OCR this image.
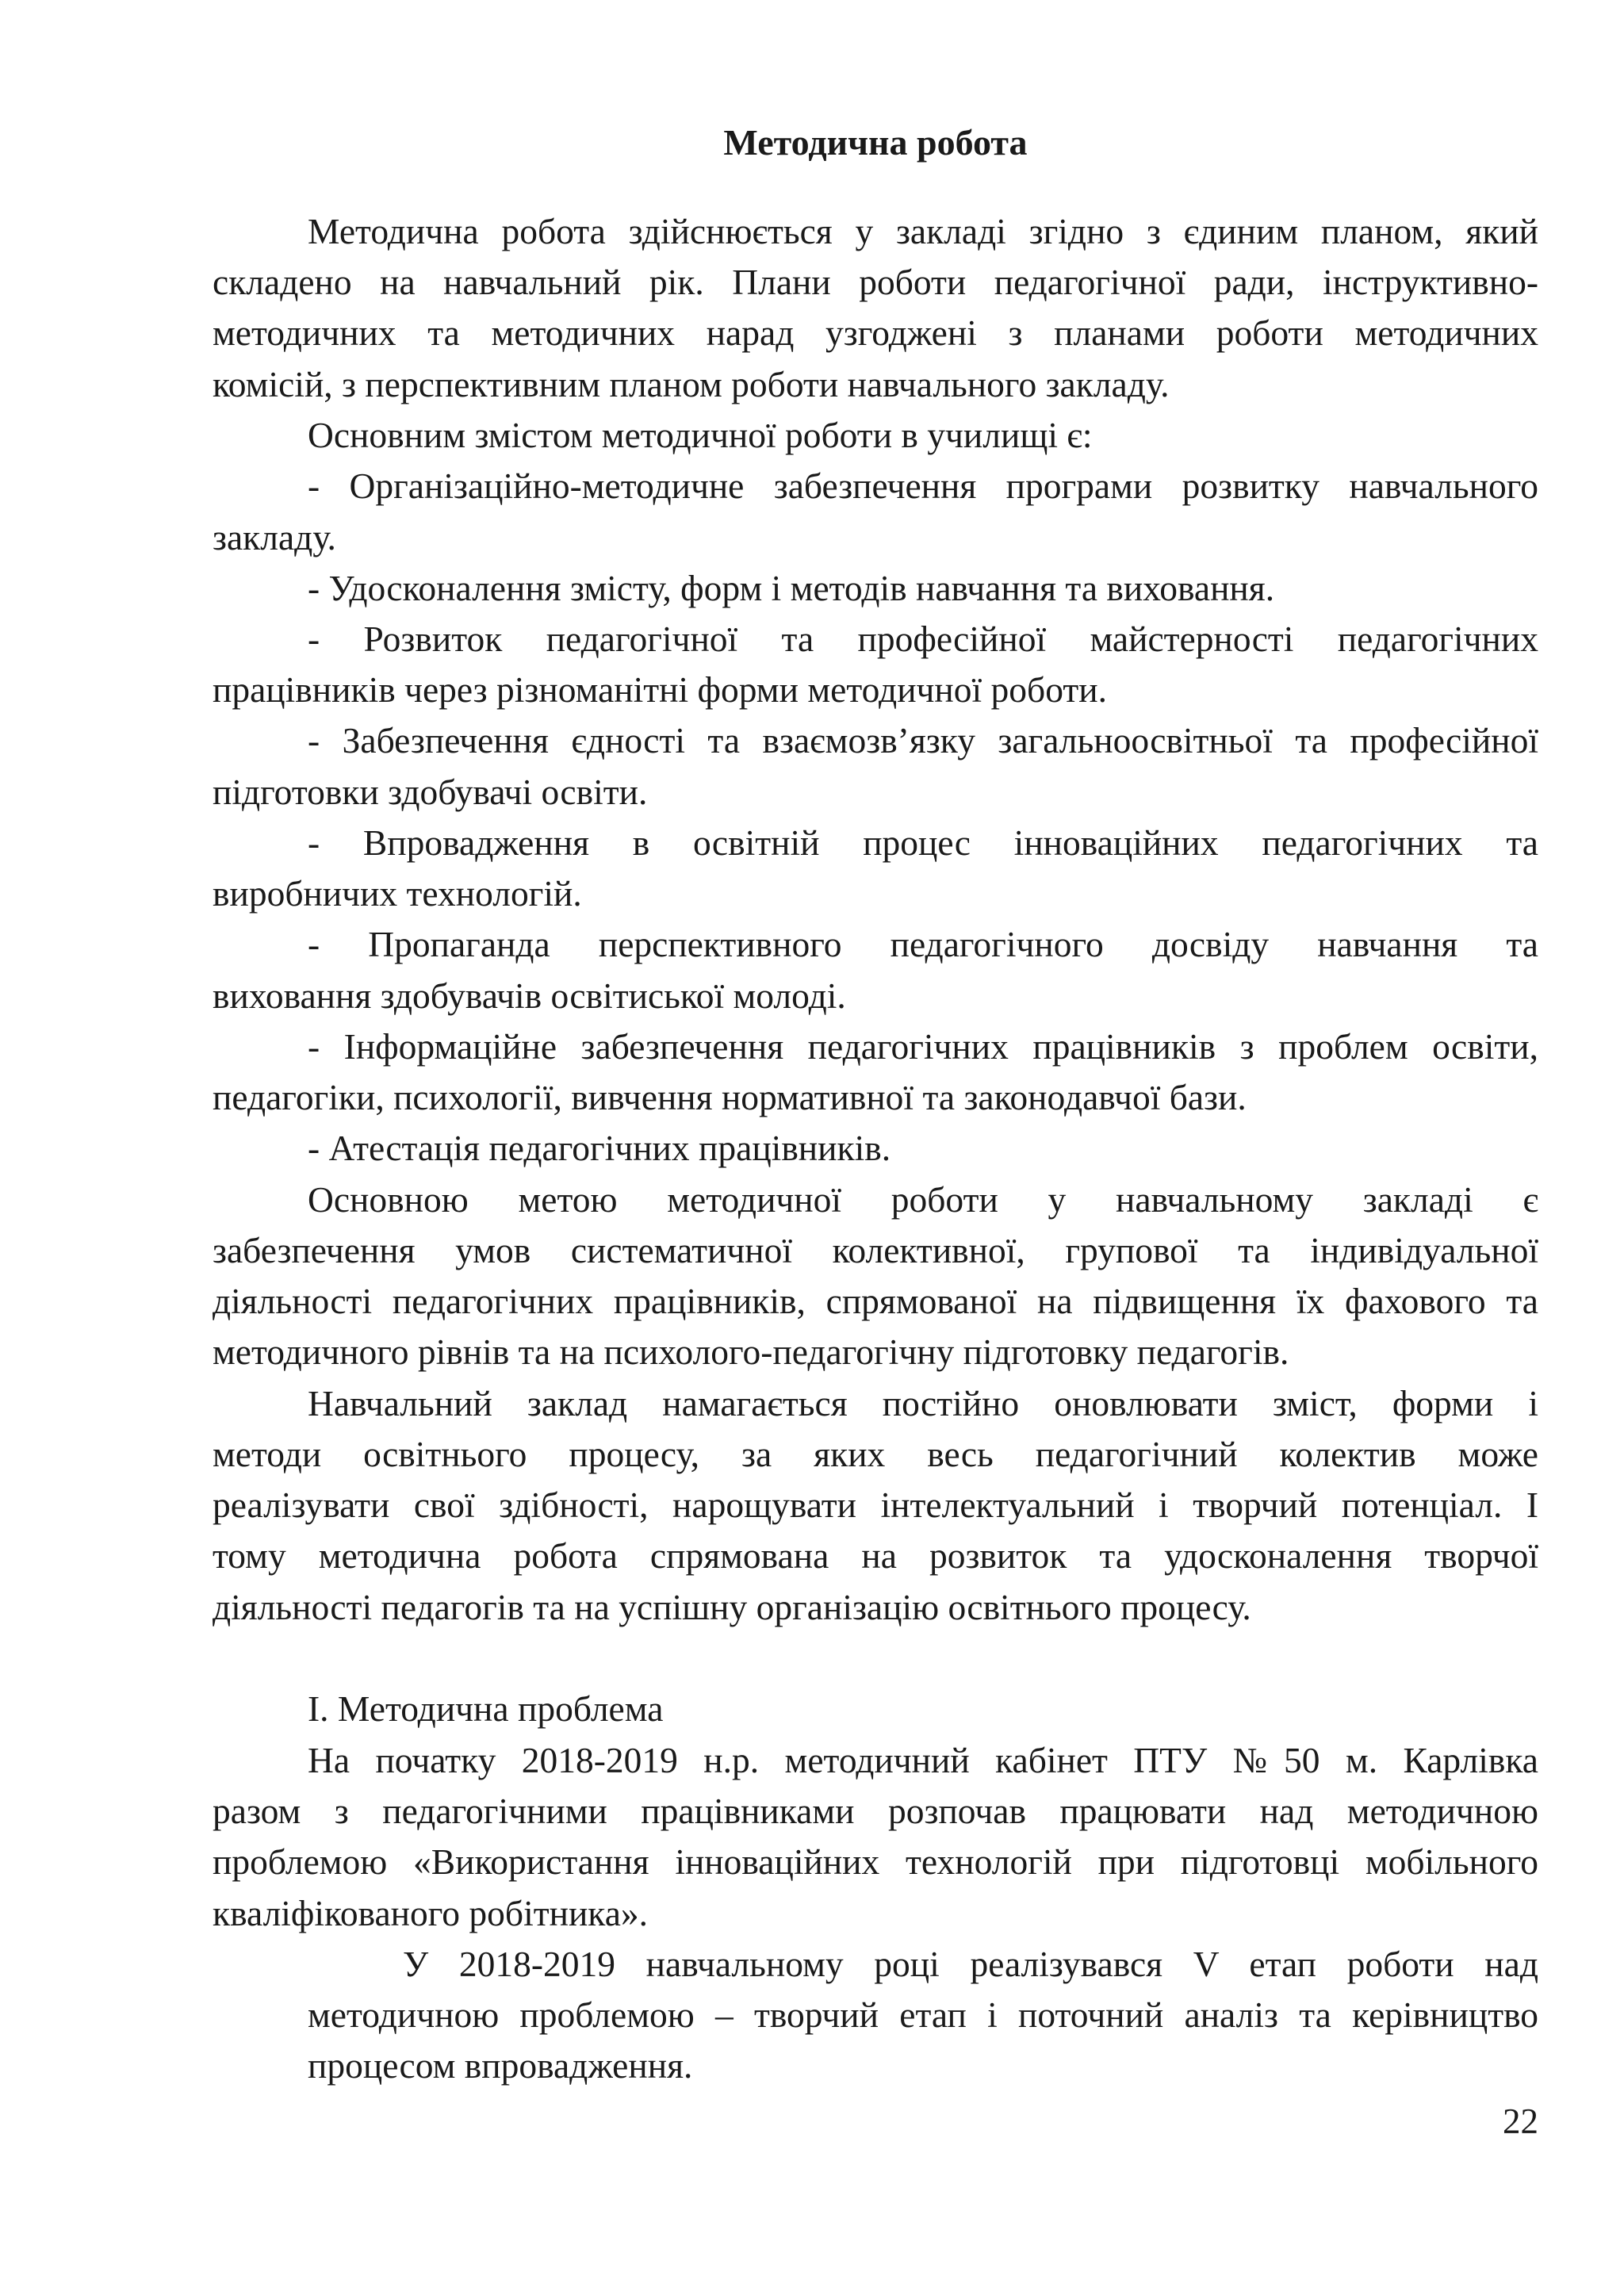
Методична робота
Методична робота здійснюється у закладі згідно з єдиним планом, який
складено на навчальний рік. Плани роботи педагогічної ради, інструктивно-
методичних та методичних нарад узгоджені з планами роботи методичних
комісій, з перспективним планом роботи навчального закладу.
Основним змістом методичної роботи в училищі є:
- Організаційно-методичне забезпечення програми розвитку навчального
закладу.
- Удосконалення змісту, форм і методів навчання та виховання.
- Розвиток педагогічної та професійної майстерності педагогічних
працівників через різноманітні форми методичної роботи.
- Забезпечення єдності та взаємозв’язку загальноосвітньої та професійної
підготовки здобувачі освіти.
- Впровадження в освітній процес інноваційних педагогічних та
виробничих технологій.
- Пропаганда перспективного педагогічного досвіду навчання та
виховання здобувачів освітиської молоді.
- Інформаційне забезпечення педагогічних працівників з проблем освіти,
педагогіки, психології, вивчення нормативної та законодавчої бази.
- Атестація педагогічних працівників.
Основною метою методичної роботи у навчальному закладі є
забезпечення умов систематичної колективної, групової та індивідуальної
діяльності педагогічних працівників, спрямованої на підвищення їх фахового та
методичного рівнів та на психолого-педагогічну підготовку педагогів.
Навчальний заклад намагається постійно оновлювати зміст, форми і
методи освітнього процесу, за яких весь педагогічний колектив може
реалізувати свої здібності, нарощувати інтелектуальний і творчий потенціал. І
тому методична робота спрямована на розвиток та удосконалення творчої
діяльності педагогів та на успішну організацію освітнього процесу.
І. Методична проблема
На початку 2018-2019 н.р. методичний кабінет ПТУ №50 м. Карлівка
разом з педагогічними працівниками розпочав працювати над методичною
проблемою «Використання інноваційних технологій при підготовці мобільного
кваліфікованого робітника».
У 2018-2019 навчальному році реалізувався V етап роботи над
методичною проблемою – творчий етап і поточний аналіз та керівництво
процесом впровадження.
22
